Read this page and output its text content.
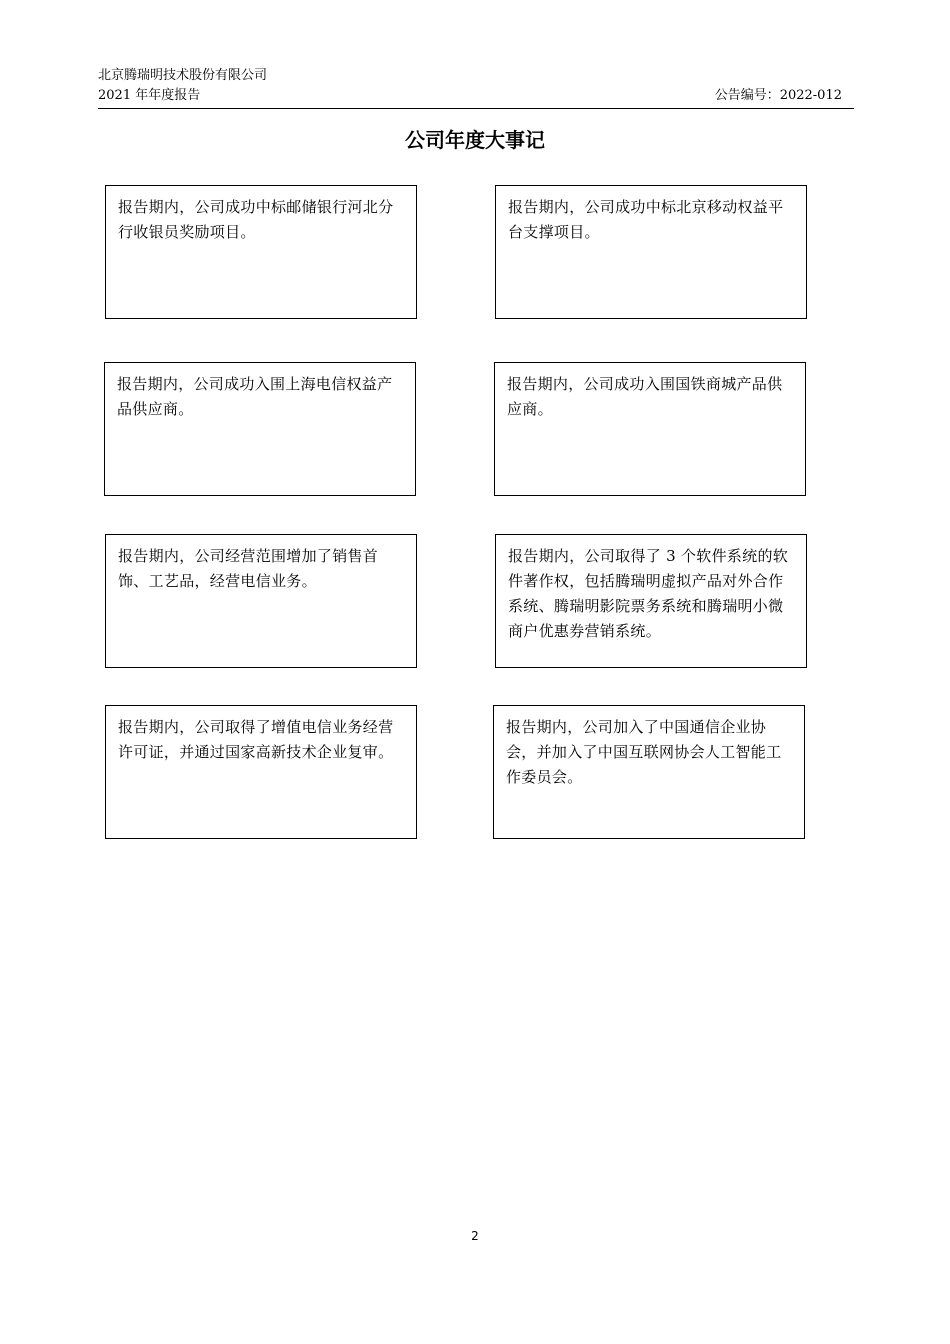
北京腾瑞明技术股份有限公司
2021 年年度报告	公告编号：2022-012
公司年度大事记
报告期内，公司成功中标邮储银行河北分行收银员奖励项目。
报告期内，公司成功中标北京移动权益平台支撑项目。
报告期内，公司成功入围上海电信权益产品供应商。
报告期内，公司成功入围国铁商城产品供应商。
报告期内，公司经营范围增加了销售首饰、工艺品，经营电信业务。
报告期内，公司取得了 3 个软件系统的软件著作权，包括腾瑞明虚拟产品对外合作系统、腾瑞明影院票务系统和腾瑞明小微商户优惠券营销系统。
报告期内，公司取得了增值电信业务经营许可证，并通过国家高新技术企业复审。
报告期内，公司加入了中国通信企业协会，并加入了中国互联网协会人工智能工作委员会。
2
